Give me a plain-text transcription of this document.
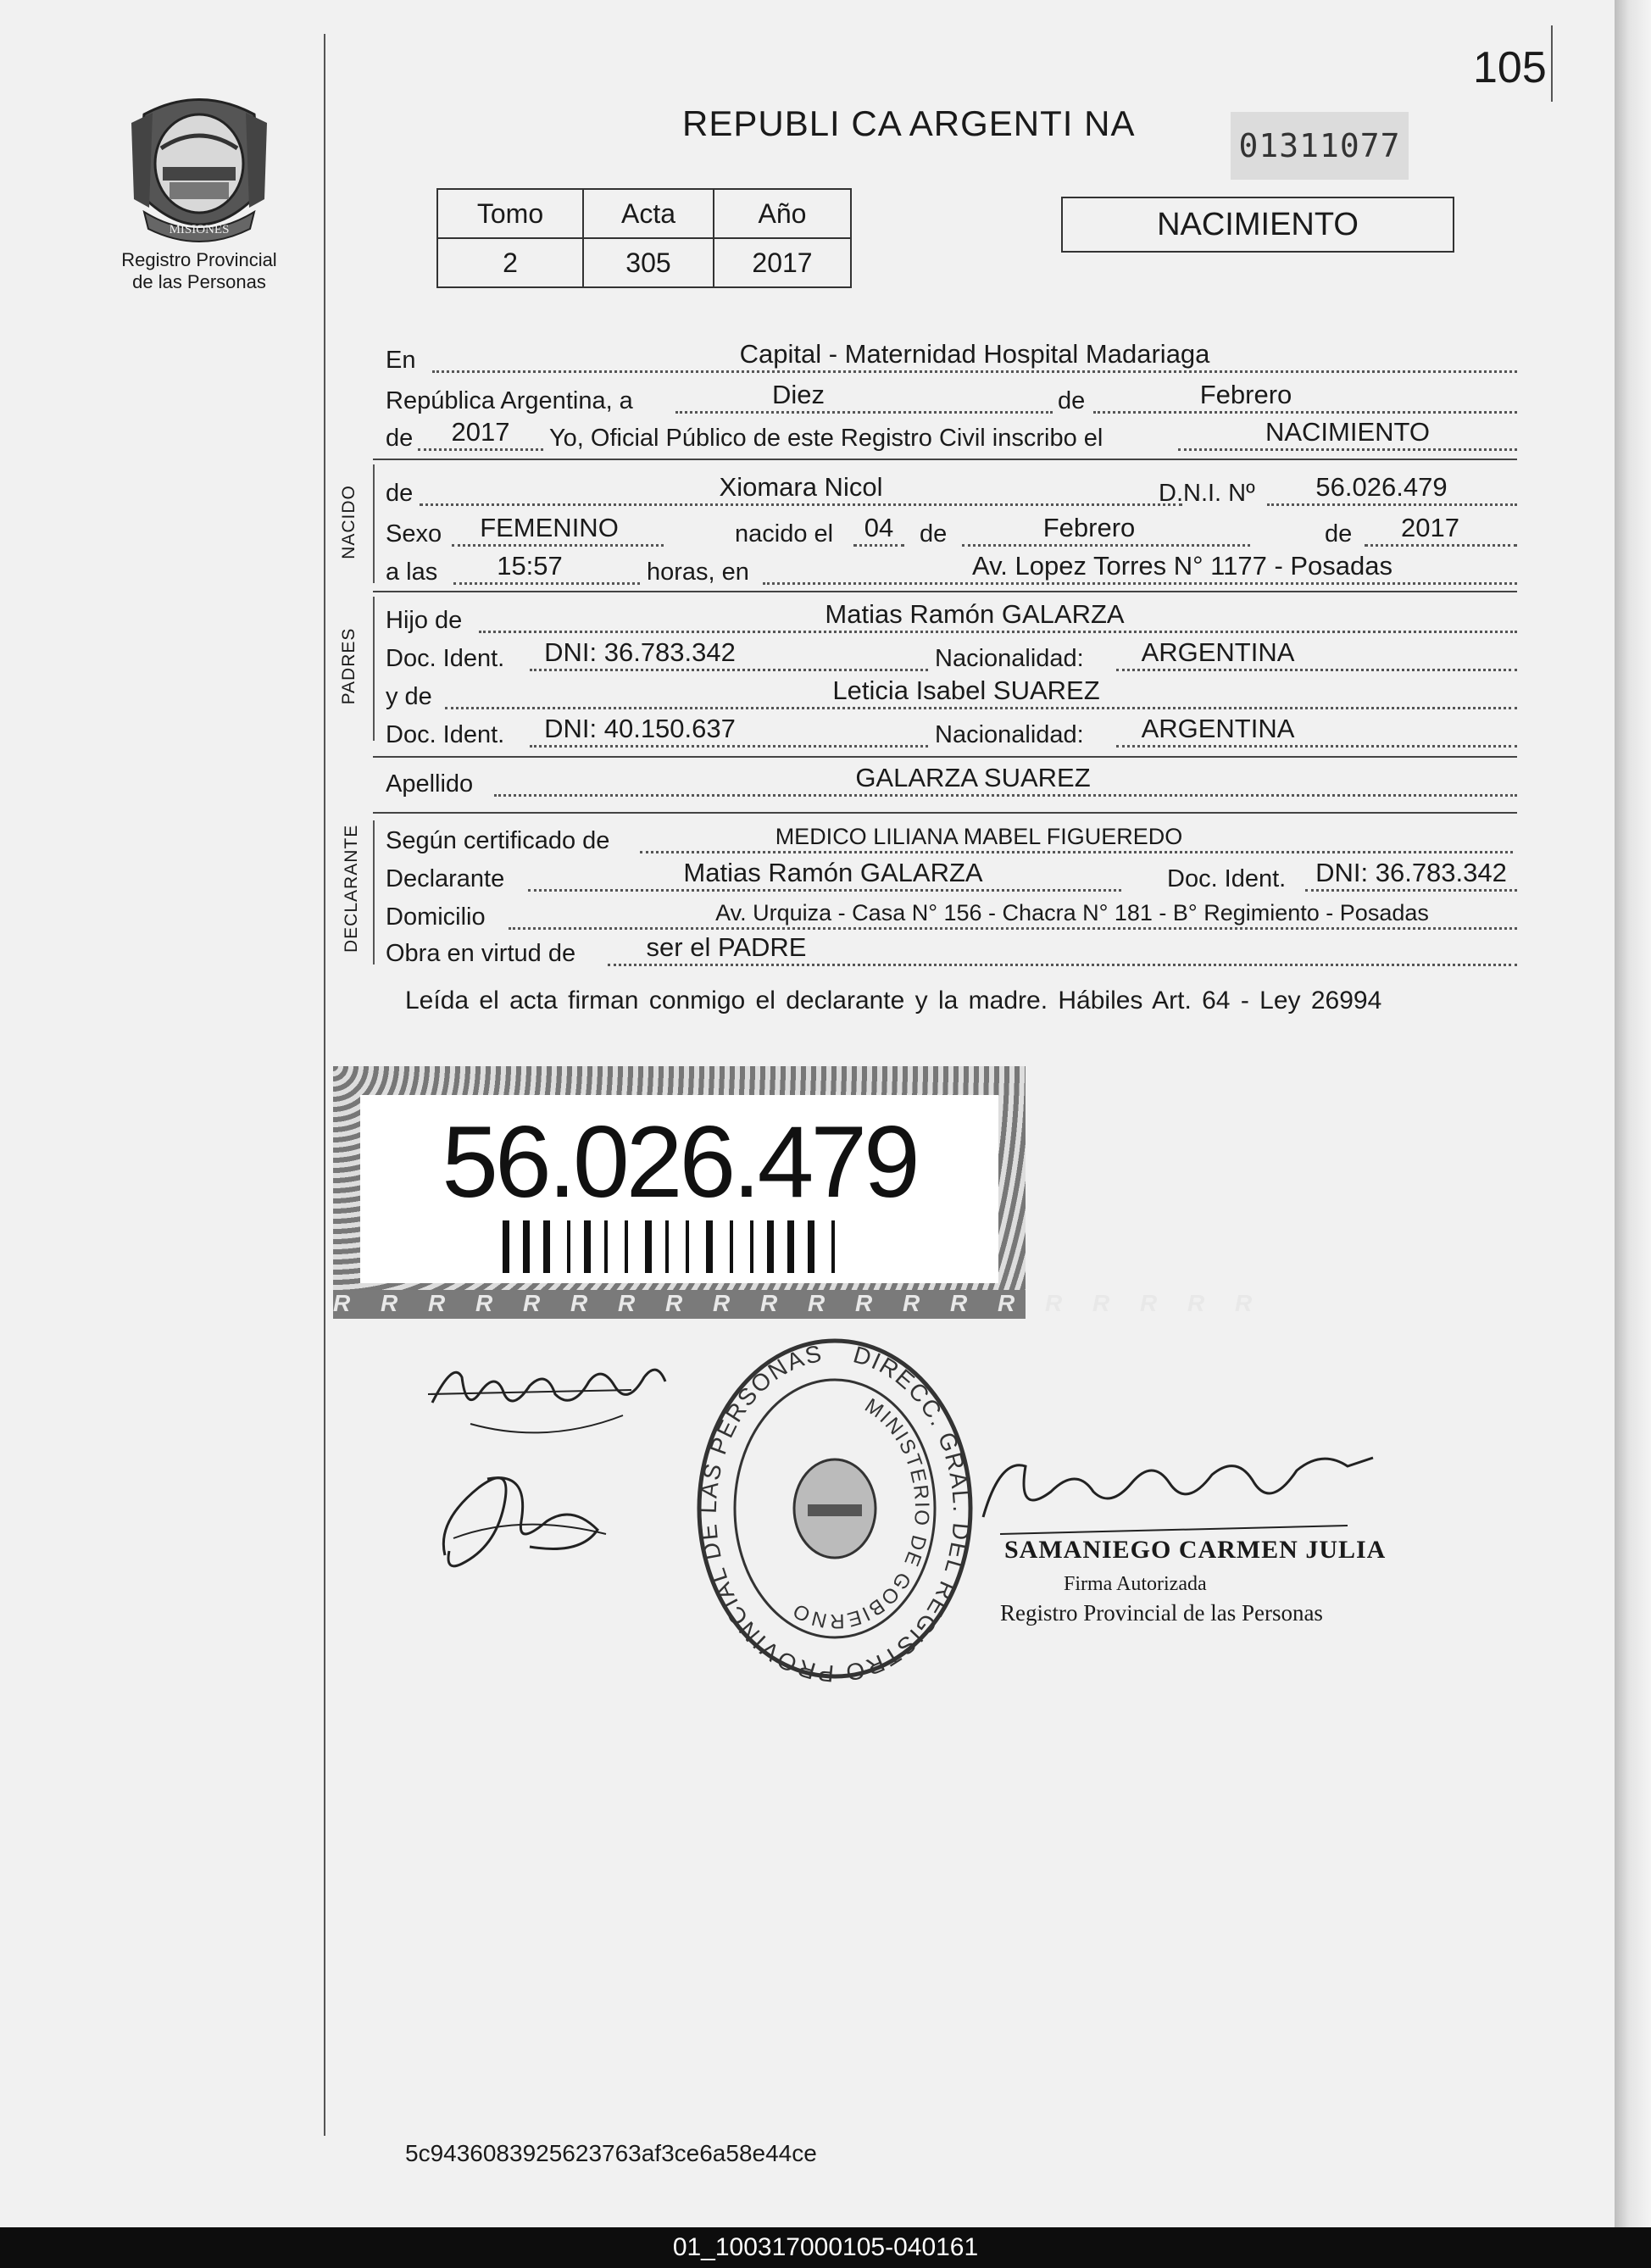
105
MISIONES
Registro Provincial
de las Personas
REPUBLI CA ARGENTI NA
01311077
Tomo	Acta	Año
2	305	2017
NACIMIENTO
En	Capital - Maternidad Hospital Madariaga
República Argentina, a	Diez	de	Febrero
de	2017	Yo, Oficial Público de este Registro Civil inscribo el	NACIMIENTO
NACIDO de	Xiomara Nicol	D.N.I. Nº	56.026.479
Sexo	FEMENINO	nacido el	04	de	Febrero	de	2017
a las	15:57	horas, en	Av. Lopez Torres N° 1177 - Posadas
PADRES
Hijo de	Matias Ramón GALARZA
Doc. Ident.	DNI: 36.783.342	Nacionalidad:	ARGENTINA
y de	Leticia Isabel SUAREZ
Doc. Ident.	DNI: 40.150.637	Nacionalidad:	ARGENTINA
Apellido	GALARZA SUAREZ
DECLARANTE Según certificado de	MEDICO LILIANA MABEL FIGUEREDO
Declarante	Matias Ramón GALARZA	Doc. Ident.	DNI: 36.783.342
Domicilio	Av. Urquiza - Casa N° 156 - Chacra N° 181 - B° Regimiento - Posadas
Obra en virtud de	ser el PADRE
Leída el acta firman conmigo el declarante y la madre. Hábiles Art. 64 - Ley 26994
56.026.479
R R R R R R R R R R R R R R R R R R R R
DIRECC. GRAL. DEL REGISTRO PROVINCIAL DE LAS PERSONAS
MINISTERIO DE GOBIERNO
SAMANIEGO CARMEN JULIA
Firma Autorizada
Registro Provincial de las Personas
5c9436083925623763af3ce6a58e44ce
01_100317000105-040161
